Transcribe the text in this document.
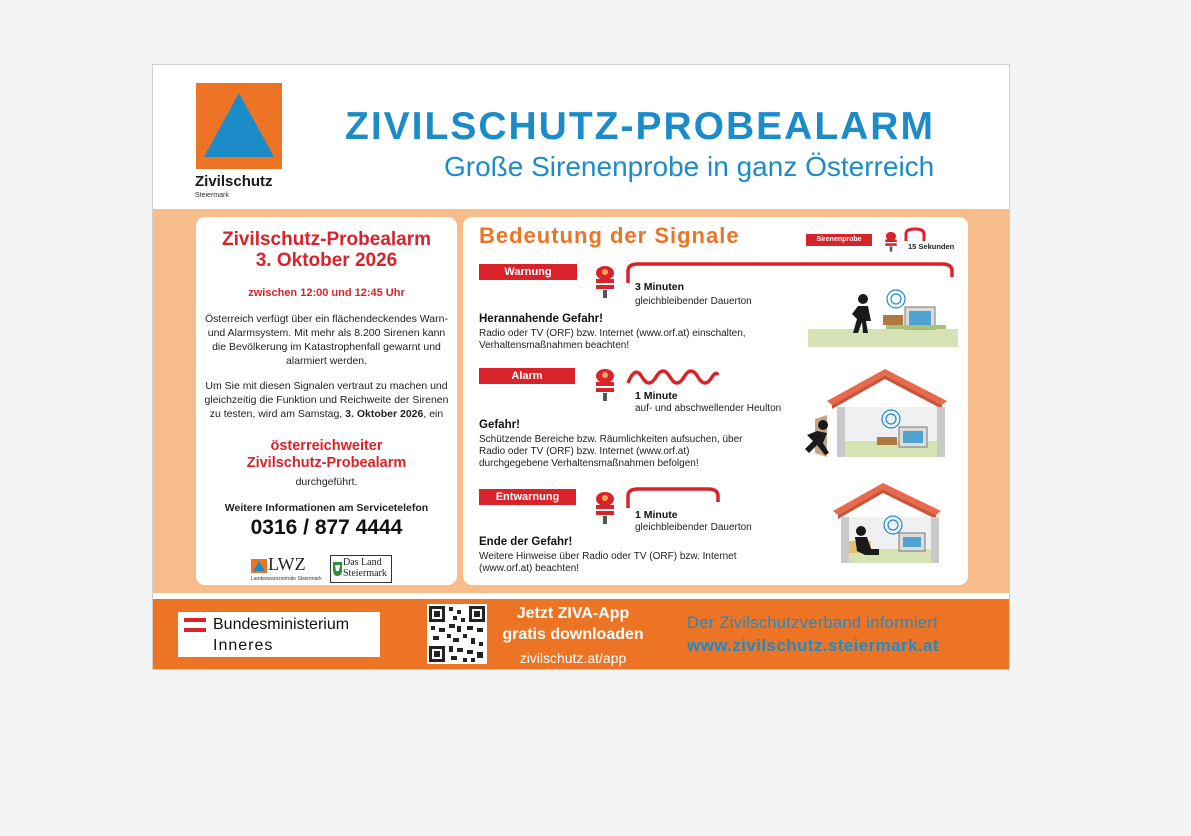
Zivilschutz
Steiermark
ZIVILSCHUTZ-PROBEALARM
Große Sirenenprobe in ganz Österreich
Zivilschutz-Probealarm
3. Oktober 2026
zwischen 12:00 und 12:45 Uhr
Österreich verfügt über ein flächendeckendes Warn- und Alarmsystem. Mit mehr als 8.200 Sirenen kann die Bevölkerung im Katastrophenfall gewarnt und alarmiert werden.
Um Sie mit diesen Signalen vertraut zu machen und gleichzeitig die Funktion und Reichweite der Sirenen zu testen, wird am Samstag, 3. Oktober 2026, ein
österreichweiter
Zivilschutz-Probealarm
durchgeführt.
Weitere Informationen am Servicetelefon
0316 / 877 4444
LWZ
Landeswarnzentrale Steiermark
Das Land Steiermark
Bedeutung der Signale	Sirenenprobe
15 Sekunden
Warnung
3 Minuten
gleichbleibender Dauerton
Herannahende Gefahr!
Radio oder TV (ORF) bzw. Internet (www.orf.at) einschalten, Verhaltensmaßnahmen beachten!
Alarm
1 Minute
auf- und abschwellender Heulton
Gefahr!
Schützende Bereiche bzw. Räumlichkeiten aufsuchen, über Radio oder TV (ORF) bzw. Internet (www.orf.at) durchgegebene Verhaltensmaßnahmen befolgen!
Entwarnung
1 Minute
gleichbleibender Dauerton
Ende der Gefahr!
Weitere Hinweise über Radio oder TV (ORF) bzw. Internet (www.orf.at) beachten!
Bundesministerium
Inneres
Jetzt ZIVA-App
gratis downloaden
zivilschutz.at/app
Der Zivilschutzverband informiert
www.zivilschutz.steiermark.at
